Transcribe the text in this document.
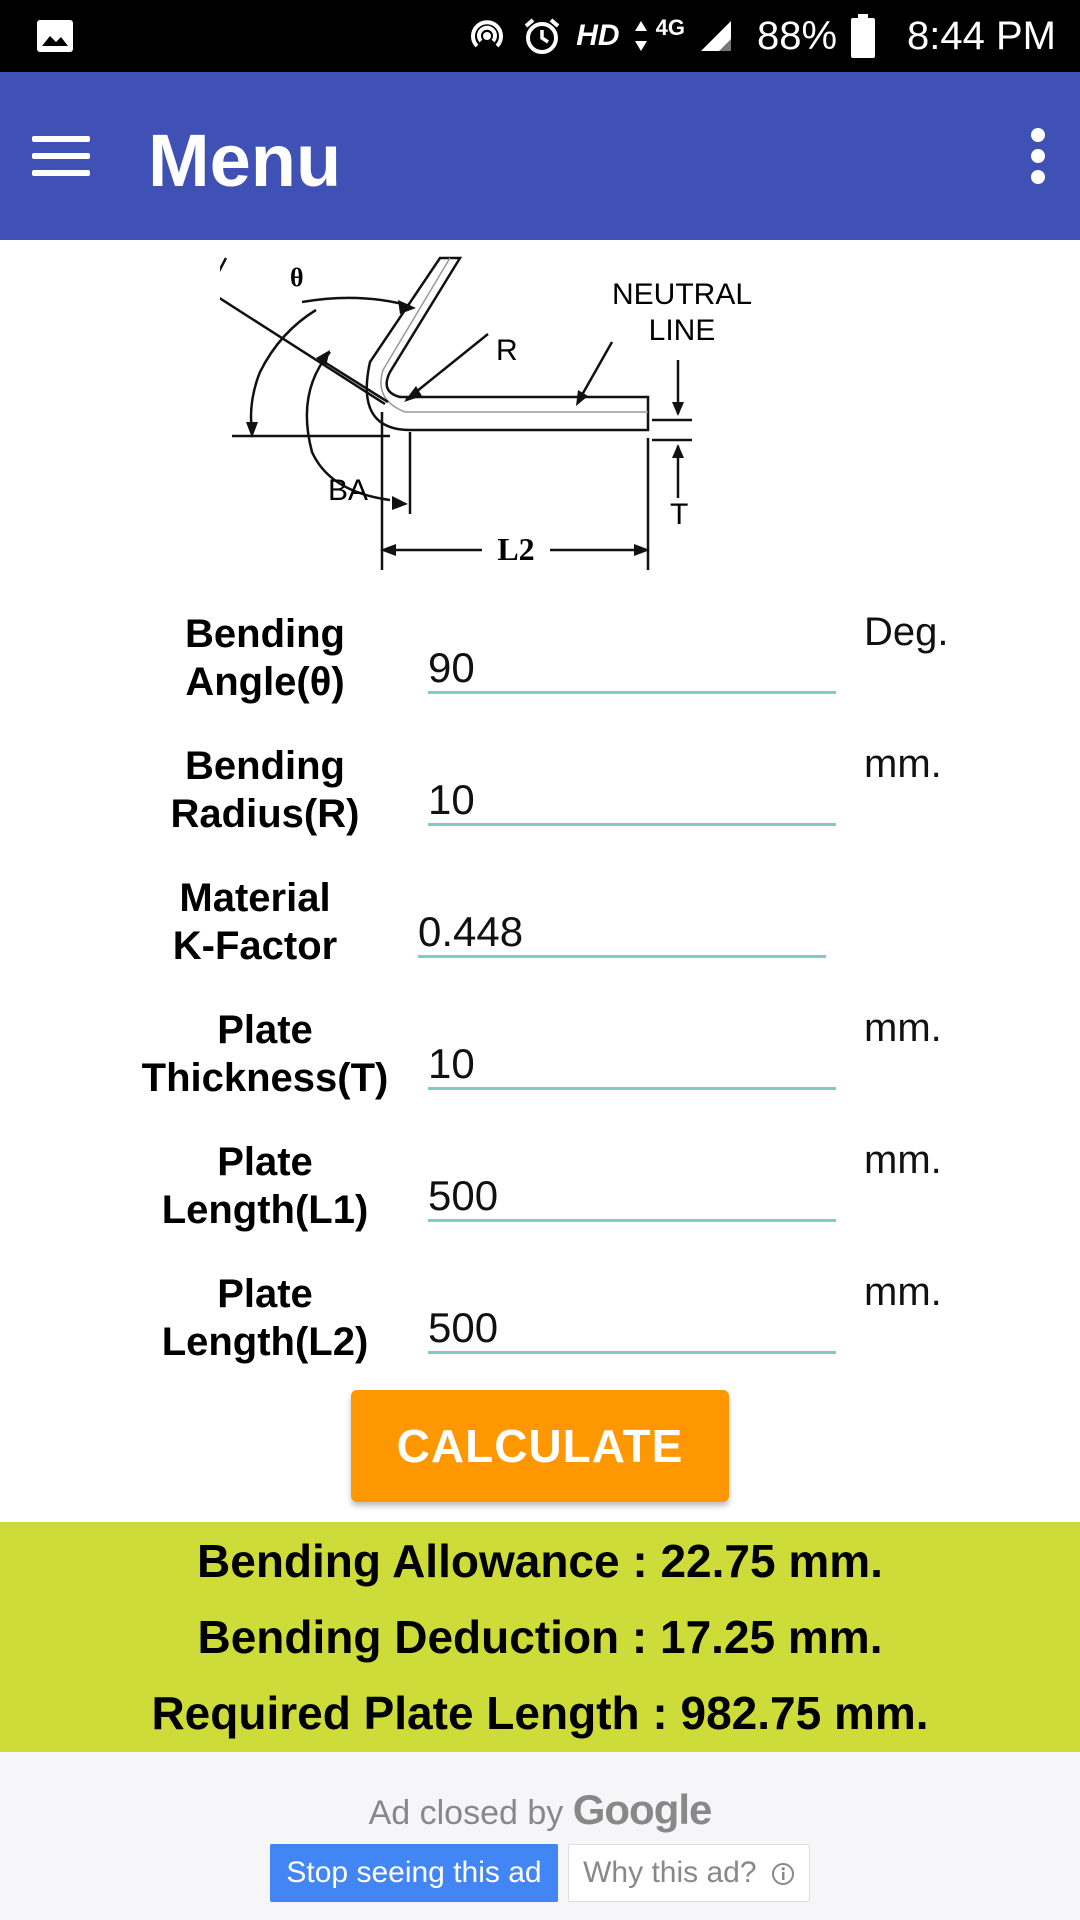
HD 4G 88% 8:44 PM
Menu
θ
NEUTRAL
LINE
R
BA
T
L2
Bending
Angle(θ)	90
Deg.
Bending
Radius(R)	10
mm.
Material
K-Factor	0.448
Plate
Thickness(T) 10
mm.
Plate
Length(L1)	500
mm.
Plate
Length(L2)	500
mm.
CALCULATE
Bending Allowance : 22.75 mm.
Bending Deduction : 17.25 mm.
Required Plate Length : 982.75 mm.
Ad closed by Google
Stop seeing this ad	Why this ad?
